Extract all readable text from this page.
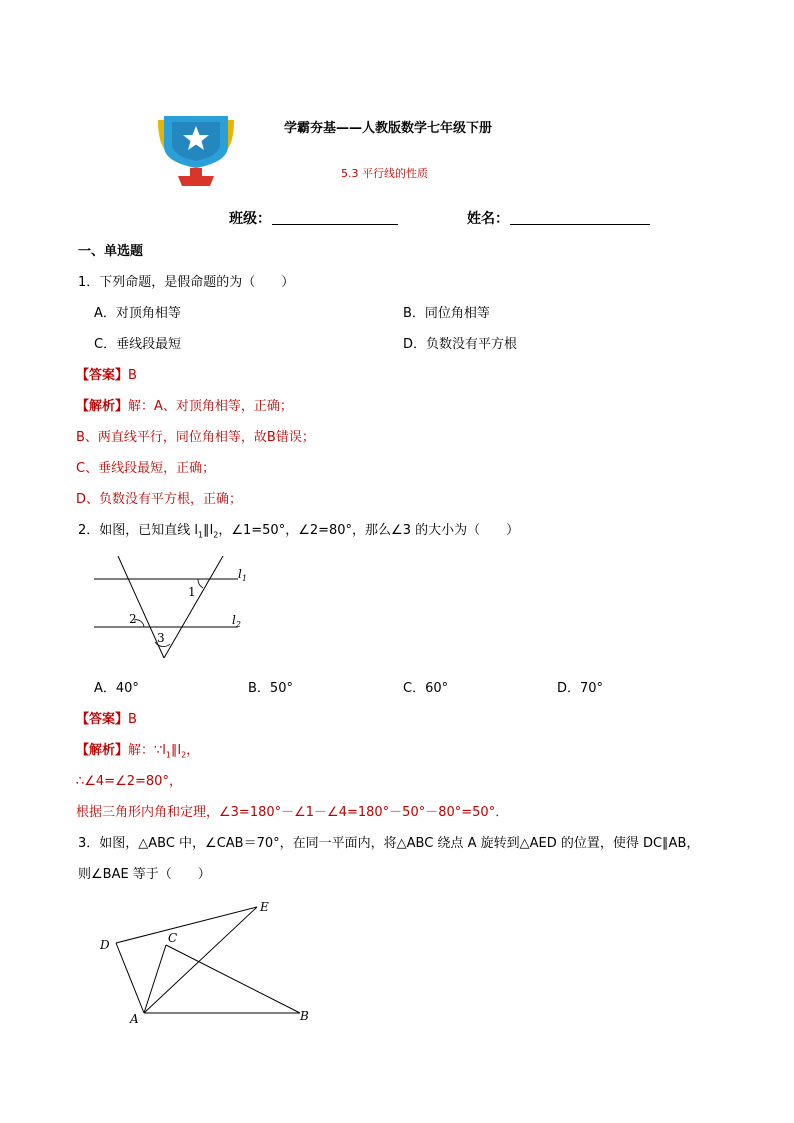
学霸夯基——人教版数学七年级下册
5.3 平行线的性质
班级：	姓名：
一、单选题
1．下列命题，是假命题的为（　　）
A．对顶角相等	B．同位角相等
C．垂线段最短	D．负数没有平方根
【答案】B
【解析】解：A、对顶角相等，正确；
B、两直线平行，同位角相等，故B错误；
C、垂线段最短，正确；
D、负数没有平方根，正确；
2．如图，已知直线 $l_1\parallel l_2$，∠1=50°，∠2=80°，那么∠3 的大小为（　　）
$l_1$
$l_2$
1
2
3
A．40°	B．50°	C．60°	D．70°
【答案】B
【解析】解：$\because l_1\parallel l_2$，
∴∠4=∠2=80°，
根据三角形内角和定理，∠3=180°－∠1－∠4=180°－50°－80°=50°．
3．如图，△ABC 中，∠CAB＝70°，在同一平面内，将△ABC 绕点 A 旋转到△AED 的位置，使得 DC∥AB，
则∠BAE 等于（　　）
A	B
C
D
E
